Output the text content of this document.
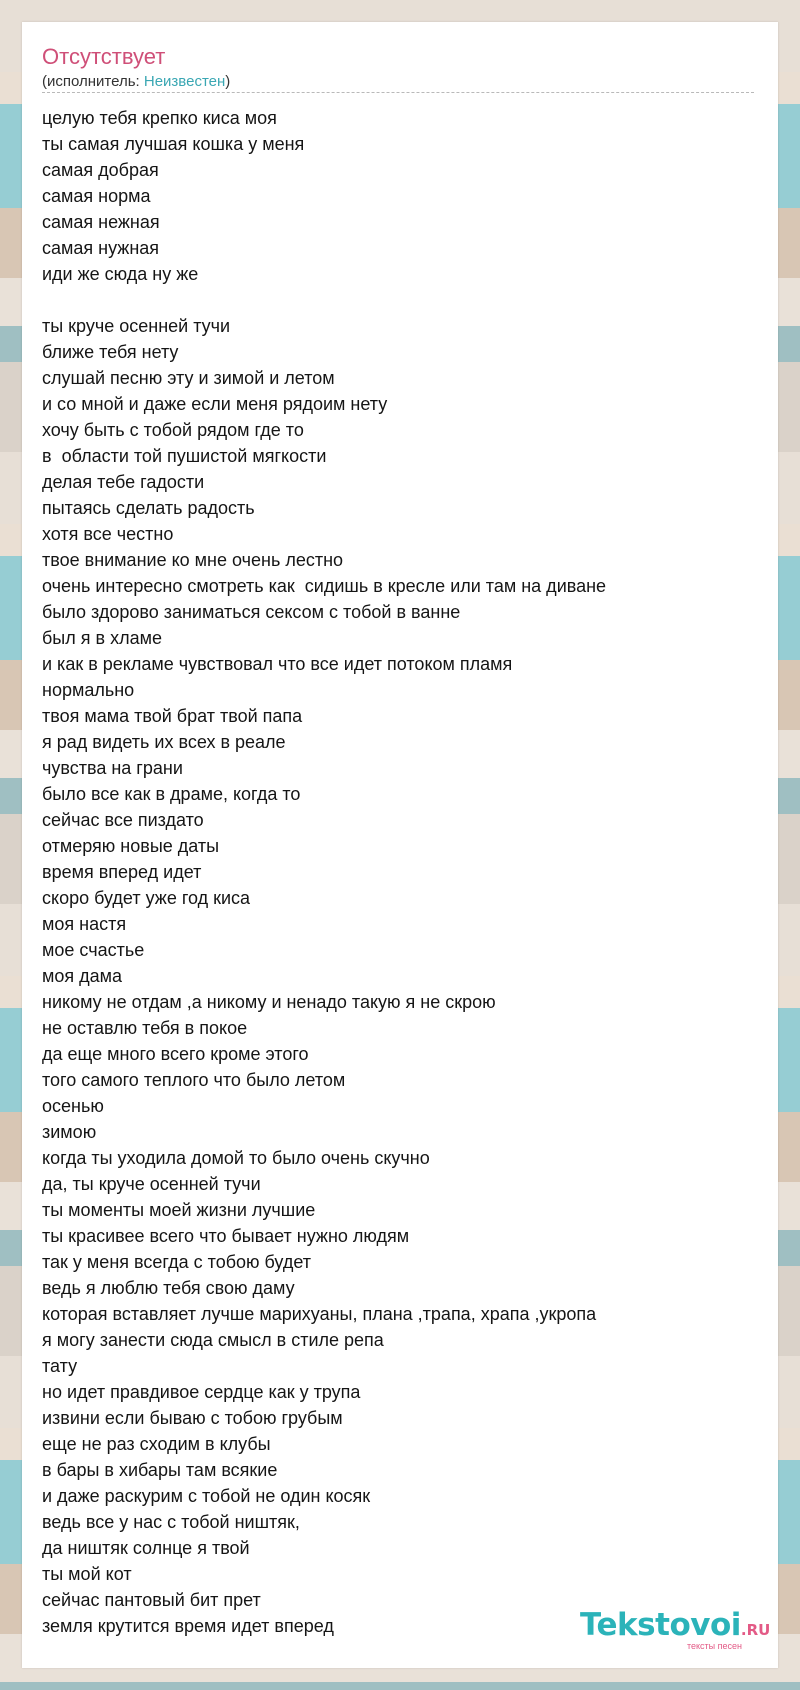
Отсутствует
(исполнитель: Неизвестен)
целую тебя крепко киса моя
ты самая лучшая кошка у меня
самая добрая
самая норма
самая нежная
самая нужная
иди же сюда ну же
ты круче осенней тучи
ближе тебя нету
слушай песню эту и зимой и летом
и со мной и даже если меня рядоим нету
хочу быть с тобой рядом где то
в  области той пушистой мягкости
делая тебе гадости
пытаясь сделать радость
хотя все честно
твое внимание ко мне очень лестно
очень интересно смотреть как  сидишь в кресле или там на диване
было здорово заниматься сексом с тобой в ванне
был я в хламе
и как в рекламе чувствовал что все идет потоком пламя
нормально
твоя мама твой брат твой папа
я рад видеть их всех в реале
чувства на грани
было все как в драме, когда то
сейчас все пиздато
отмеряю новые даты
время вперед идет
скоро будет уже год киса
моя настя
мое счастье
моя дама
никому не отдам ,а никому и ненадо такую я не скрою
не оставлю тебя в покое
да еще много всего кроме этого
того самого теплого что было летом
осенью
зимою
когда ты уходила домой то было очень скучно
да, ты круче осенней тучи
ты моменты моей жизни лучшие
ты красивее всего что бывает нужно людям
так у меня всегда с тобою будет
ведь я люблю тебя свою даму
которая вставляет лучше марихуаны, плана ,трапа, храпа ,укропа
я могу занести сюда смысл в стиле репа
тату
но идет правдивое сердце как у трупа
извини если бываю с тобою грубым
еще не раз сходим в клубы
в бары в хибары там всякие
и даже раскурим с тобой не один косяк
ведь все у нас с тобой ништяк,
да ништяк солнце я твой
ты мой кот
сейчас пантовый бит прет
земля крутится время идет вперед	Tekstovoi.RU
тексты песен
